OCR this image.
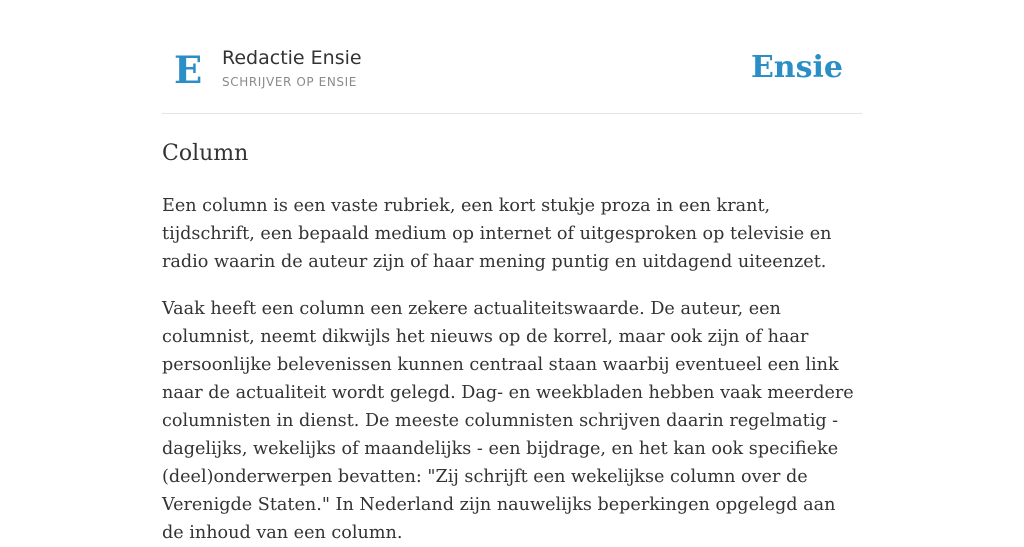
E Redactie Ensie
SCHRIJVER OP ENSIE	Ensie
Column

Een column is een vaste rubriek, een kort stukje proza in een krant, tijdschrift, een bepaald medium op internet of uitgesproken op televisie en radio waarin de auteur zijn of haar mening puntig en uitdagend uiteenzet.

Vaak heeft een column een zekere actualiteitswaarde. De auteur, een columnist, neemt dikwijls het nieuws op de korrel, maar ook zijn of haar persoonlijke belevenissen kunnen centraal staan waarbij eventueel een link naar de actualiteit wordt gelegd. Dag- en weekbladen hebben vaak meerdere columnisten in dienst. De meeste columnisten schrijven daarin regelmatig - dagelijks, wekelijks of maandelijks - een bijdrage, en het kan ook specifieke (deel)onderwerpen bevatten: "Zij schrijft een wekelijkse column over de Verenigde Staten." In Nederland zijn nauwelijks beperkingen opgelegd aan de inhoud van een column.
